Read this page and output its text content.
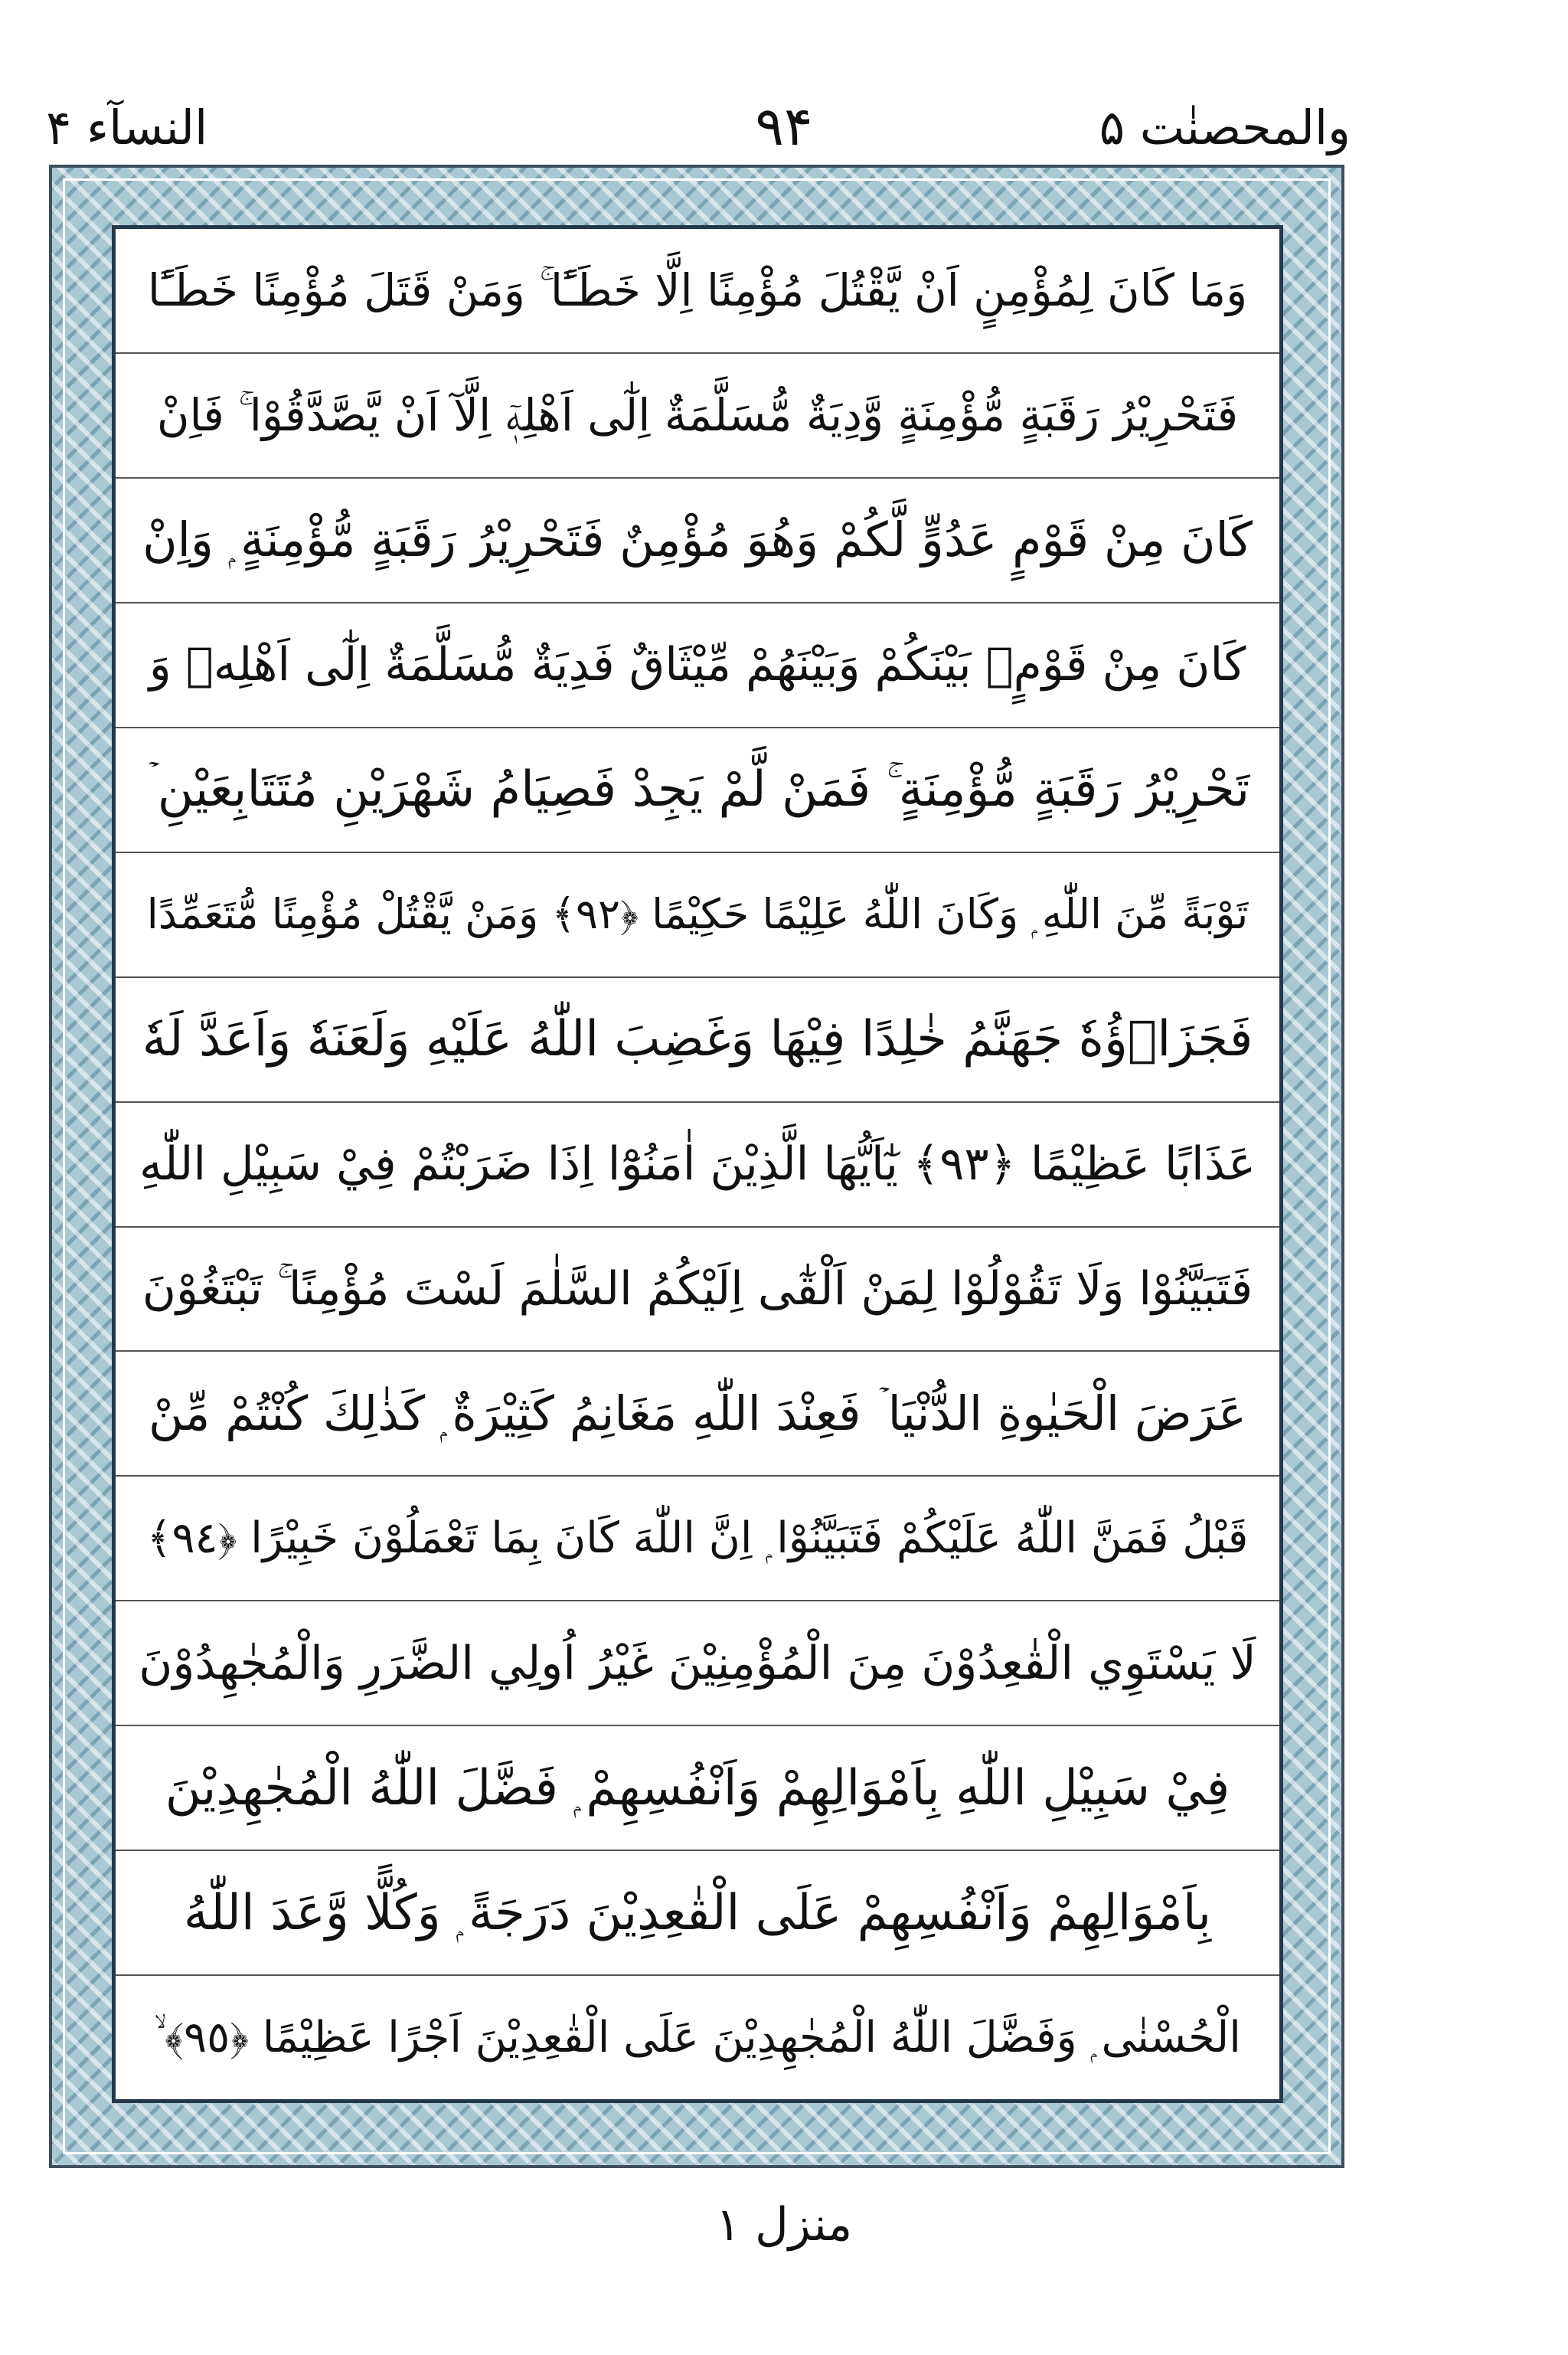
والمحصنٰت ۵
۹۴
النسآء ۴
وَمَا كَانَ لِمُؤْمِنٍ اَنْ يَّقْتُلَ مُؤْمِنًا اِلَّا خَطَـًٔا ۚ وَمَنْ قَتَلَ مُؤْمِنًا خَطَـًٔا
فَتَحْرِيْرُ رَقَبَةٍ مُّؤْمِنَةٍ وَّدِيَةٌ مُّسَلَّمَةٌ اِلٰٓى اَهْلِهٖٓ اِلَّآ اَنْ يَّصَّدَّقُوْا ۚ فَاِنْ
كَانَ مِنْ قَوْمٍ عَدُوٍّ لَّكُمْ وَهُوَ مُؤْمِنٌ فَتَحْرِيْرُ رَقَبَةٍ مُّؤْمِنَةٍ ۭ وَاِنْ
كَانَ مِنْ قَوْمٍۢ بَيْنَكُمْ وَبَيْنَهُمْ مِّيْثَاقٌ فَدِيَةٌ مُّسَلَّمَةٌ اِلٰٓى اَهْلِهٖ وَ
تَحْرِيْرُ رَقَبَةٍ مُّؤْمِنَةٍ ۚ فَمَنْ لَّمْ يَجِدْ فَصِيَامُ شَهْرَيْنِ مُتَتَابِعَيْنِ ۡ
تَوْبَةً مِّنَ اللّٰهِ ۭ وَكَانَ اللّٰهُ عَلِيْمًا حَكِيْمًا ﴿٩٢﴾ وَمَنْ يَّقْتُلْ مُؤْمِنًا مُّتَعَمِّدًا
فَجَزَاۗؤُهٗ جَهَنَّمُ خٰلِدًا فِيْهَا وَغَضِبَ اللّٰهُ عَلَيْهِ وَلَعَنَهٗ وَاَعَدَّ لَهٗ
عَذَابًا عَظِيْمًا ﴿٩٣﴾ يٰٓاَيُّهَا الَّذِيْنَ اٰمَنُوْٓا اِذَا ضَرَبْتُمْ فِيْ سَبِيْلِ اللّٰهِ
فَتَبَيَّنُوْا وَلَا تَقُوْلُوْا لِمَنْ اَلْقٰٓى اِلَيْكُمُ السَّلٰمَ لَسْتَ مُؤْمِنًا ۚ تَبْتَغُوْنَ
عَرَضَ الْحَيٰوةِ الدُّنْيَا ۡ فَعِنْدَ اللّٰهِ مَغَانِمُ كَثِيْرَةٌ ۭ كَذٰلِكَ كُنْتُمْ مِّنْ
قَبْلُ فَمَنَّ اللّٰهُ عَلَيْكُمْ فَتَبَيَّنُوْا ۭ اِنَّ اللّٰهَ كَانَ بِمَا تَعْمَلُوْنَ خَبِيْرًا ﴿٩٤﴾
لَا يَسْتَوِي الْقٰعِدُوْنَ مِنَ الْمُؤْمِنِيْنَ غَيْرُ اُولِي الضَّرَرِ وَالْمُجٰهِدُوْنَ
فِيْ سَبِيْلِ اللّٰهِ بِاَمْوَالِهِمْ وَاَنْفُسِهِمْ ۭ فَضَّلَ اللّٰهُ الْمُجٰهِدِيْنَ
بِاَمْوَالِهِمْ وَاَنْفُسِهِمْ عَلَى الْقٰعِدِيْنَ دَرَجَةً ۭ وَكُلًّا وَّعَدَ اللّٰهُ
الْحُسْنٰى ۭ وَفَضَّلَ اللّٰهُ الْمُجٰهِدِيْنَ عَلَى الْقٰعِدِيْنَ اَجْرًا عَظِيْمًا ﴿٩٥﴾ ۙ
منزل ۱
